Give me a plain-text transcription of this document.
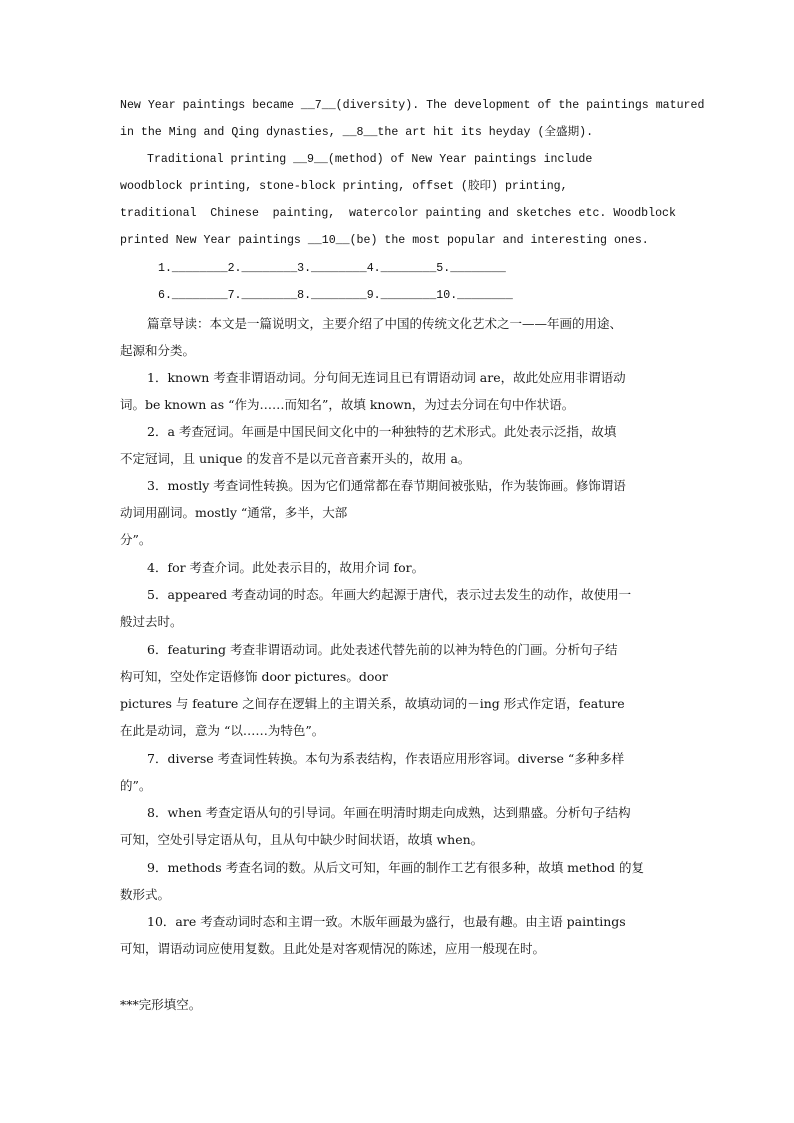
New Year paintings became __7__(diversity). The development of the paintings matured
in the Ming and Qing dynasties, __8__the art hit its heyday (全盛期).
Traditional printing __9__(method) of New Year paintings include
woodblock printing, stone-block printing, offset (胶印) printing,
traditional Chinese painting, watercolor painting and sketches etc. Woodblock
printed New Year paintings __10__(be) the most popular and interesting ones.
1.________2.________3.________4.________5.________
6.________7.________8.________9.________10.________
篇章导读：本文是一篇说明文，主要介绍了中国的传统文化艺术之一——年画的用途、
起源和分类。
1．known 考查非谓语动词。分句间无连词且已有谓语动词 are，故此处应用非谓语动
词。be known as “作为……而知名”，故填 known，为过去分词在句中作状语。
2．a 考查冠词。年画是中国民间文化中的一种独特的艺术形式。此处表示泛指，故填
不定冠词，且 unique 的发音不是以元音音素开头的，故用 a。
3．mostly 考查词性转换。因为它们通常都在春节期间被张贴，作为装饰画。修饰谓语
动词用副词。mostly “通常，多半，大部
分”。
4．for 考查介词。此处表示目的，故用介词 for。
5．appeared 考查动词的时态。年画大约起源于唐代，表示过去发生的动作，故使用一
般过去时。
6．featuring 考查非谓语动词。此处表述代替先前的以神为特色的门画。分析句子结
构可知，空处作定语修饰 door pictures。door
pictures 与 feature 之间存在逻辑上的主谓关系，故填动词的－ing 形式作定语，feature
在此是动词，意为 “以……为特色”。
7．diverse 考查词性转换。本句为系表结构，作表语应用形容词。diverse “多种多样
的”。
8．when 考查定语从句的引导词。年画在明清时期走向成熟，达到鼎盛。分析句子结构
可知，空处引导定语从句，且从句中缺少时间状语，故填 when。
9．methods 考查名词的数。从后文可知，年画的制作工艺有很多种，故填 method 的复
数形式。
10．are 考查动词时态和主谓一致。木版年画最为盛行，也最有趣。由主语 paintings
可知，谓语动词应使用复数。且此处是对客观情况的陈述，应用一般现在时。
***完形填空。
